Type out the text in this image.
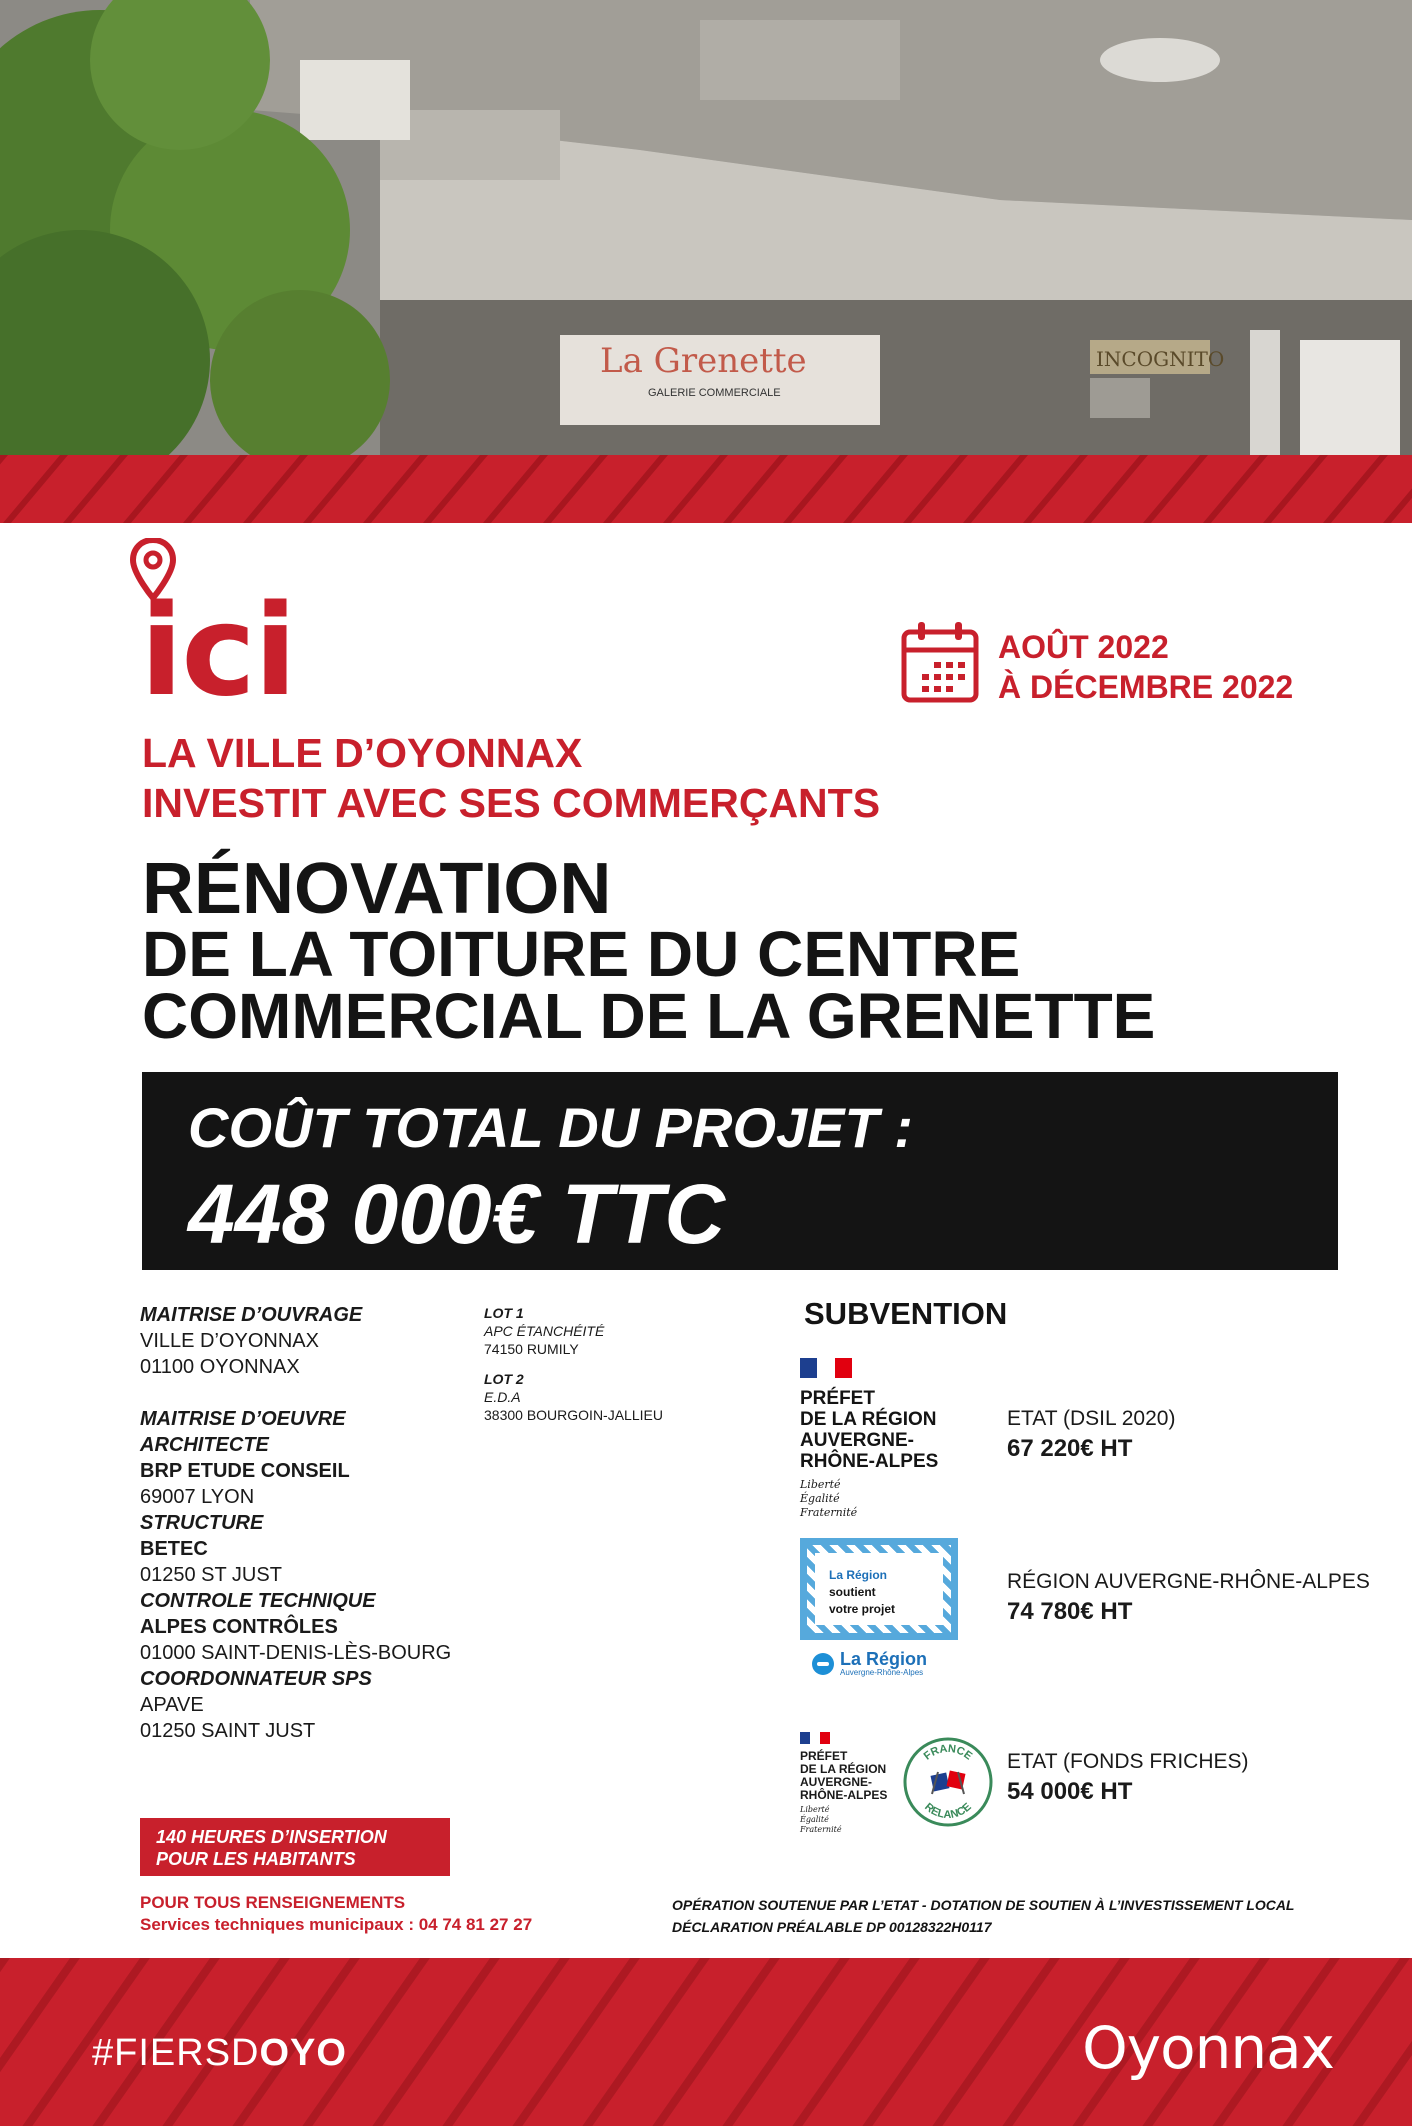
La Grenette
GALERIE COMMERCIALE
INCOGNITO
ici
LA VILLE D’OYONNAX
INVESTIT AVEC SES COMMERÇANTS
AOÛT 2022
À DÉCEMBRE 2022
RÉNOVATION
DE LA TOITURE DU CENTRE
COMMERCIAL DE LA GRENETTE
COÛT TOTAL DU PROJET :
448 000€ TTC
MAITRISE D’OUVRAGE
VILLE D’OYONNAX
01100 OYONNAX
MAITRISE D’OEUVRE
ARCHITECTE
BRP ETUDE CONSEIL
69007 LYON
STRUCTURE
BETEC
01250 ST JUST
CONTROLE TECHNIQUE
ALPES CONTRÔLES
01000 SAINT-DENIS-LÈS-BOURG
COORDONNATEUR SPS
APAVE
01250 SAINT JUST
LOT 1
APC ÉTANCHÉITÉ
74150 RUMILY
LOT 2
E.D.A
38300 BOURGOIN-JALLIEU
SUBVENTION
PRÉFET
DE LA RÉGION
AUVERGNE-
RHÔNE-ALPES
Liberté
Égalité
Fraternité
La Région
soutient
votre projet
La Région
Auvergne-Rhône-Alpes
PRÉFET
DE LA RÉGION
AUVERGNE-
RHÔNE-ALPES
Liberté
Égalité
Fraternité
FRANCE
RELANCE
ETAT (DSIL 2020)
67 220€ HT
RÉGION AUVERGNE-RHÔNE-ALPES
74 780€ HT
ETAT (FONDS FRICHES)
54 000€ HT
140 HEURES D’INSERTION
POUR LES HABITANTS
POUR TOUS RENSEIGNEMENTS
Services techniques municipaux : 04 74 81 27 27
OPÉRATION SOUTENUE PAR L’ETAT - DOTATION DE SOUTIEN À L’INVESTISSEMENT LOCAL
DÉCLARATION PRÉALABLE DP 00128322H0117
#FIERSDOYO	Oyonnax
